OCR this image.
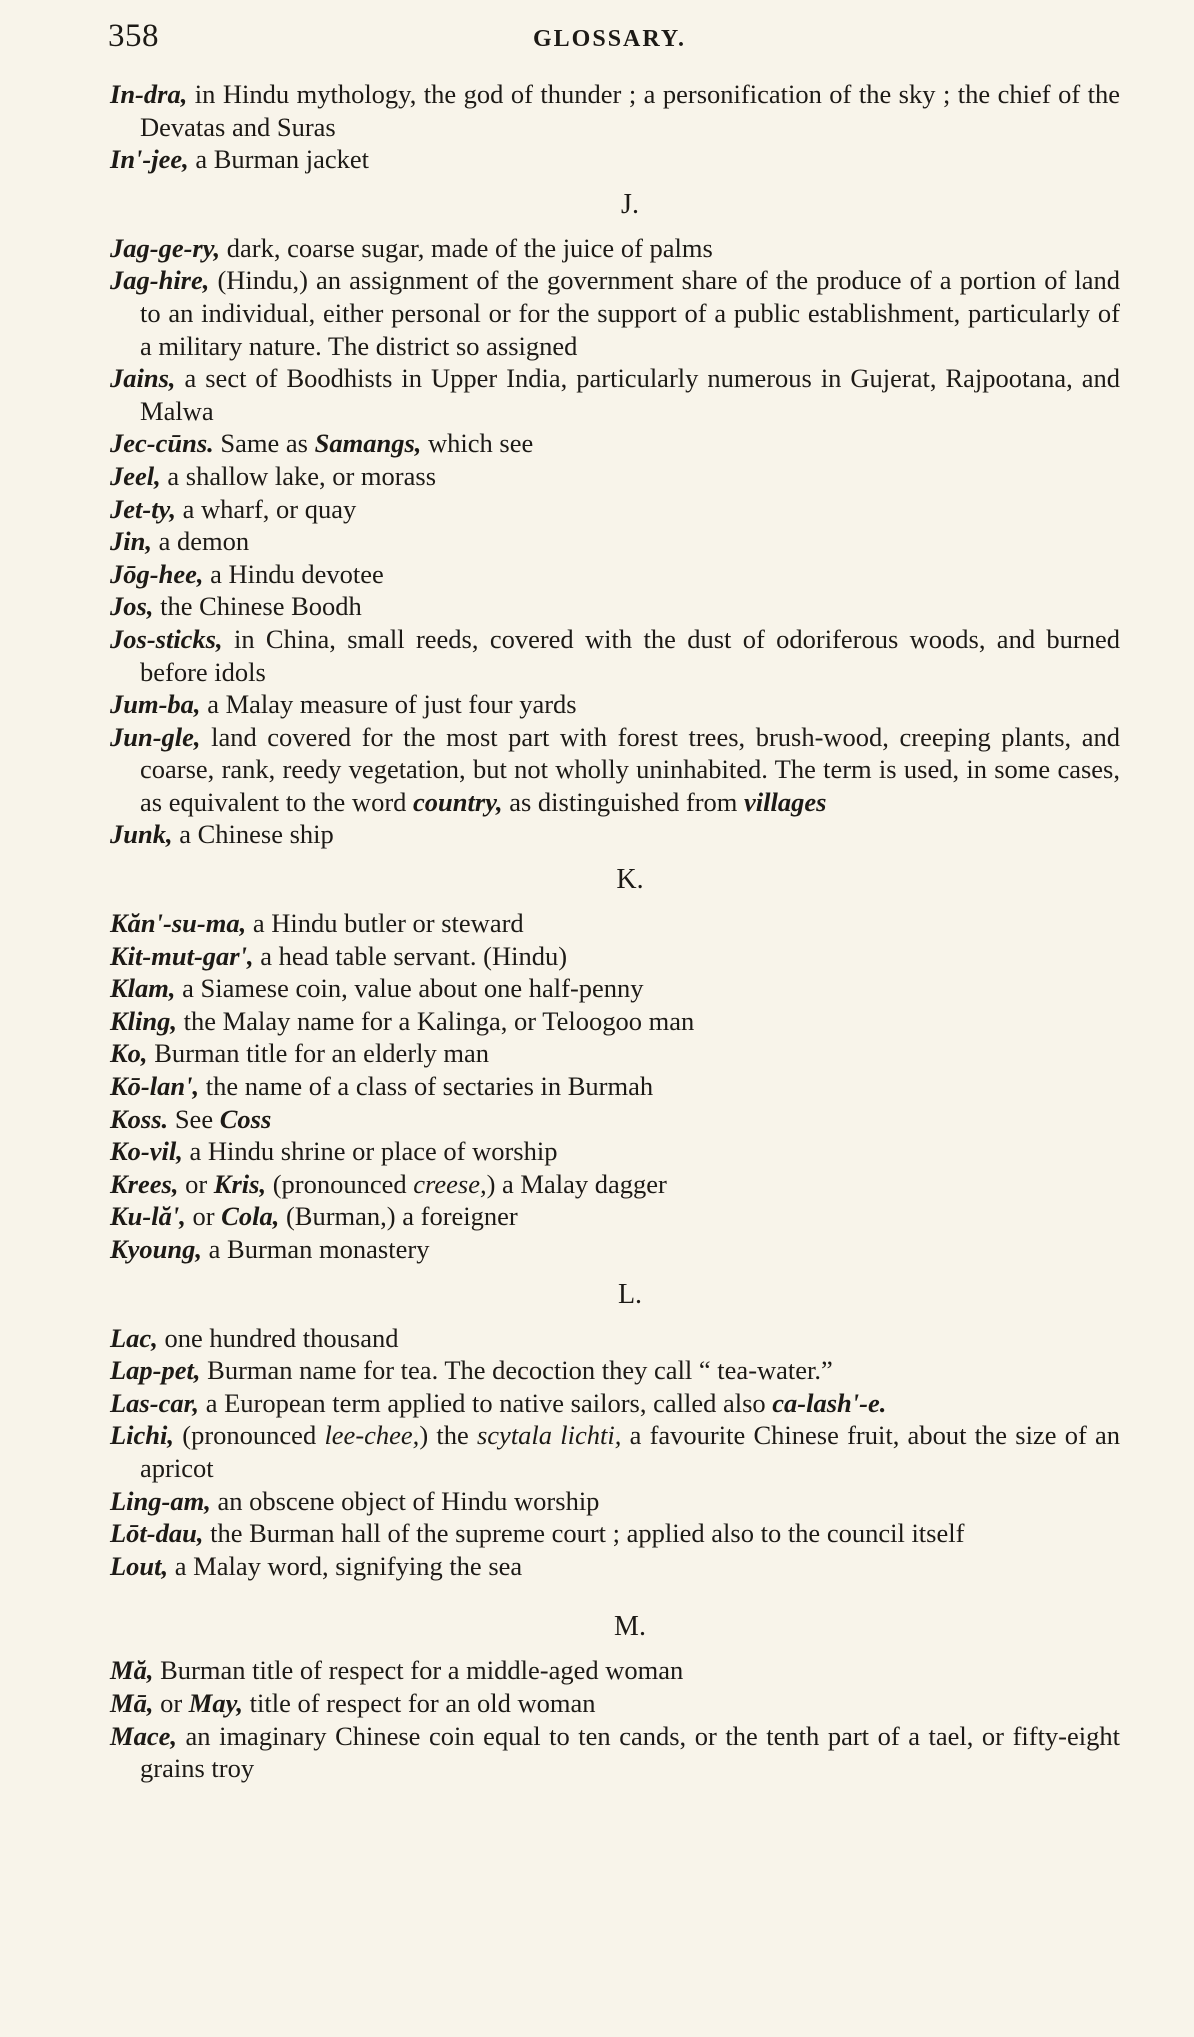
358	GLOSSARY.

In-dra, in Hindu mythology, the god of thunder ; a personification of the sky ; the chief of the Devatas and Suras

In'-jee, a Burman jacket

J.

Jag-ge-ry, dark, coarse sugar, made of the juice of palms

Jag-hire, (Hindu,) an assignment of the government share of the produce of a portion of land to an individual, either personal or for the support of a public establishment, particularly of a military nature. The district so assigned

Jains, a sect of Boodhists in Upper India, particularly numerous in Gujerat, Rajpootana, and Malwa

Jec-cūns. Same as Samangs, which see

Jeel, a shallow lake, or morass

Jet-ty, a wharf, or quay

Jin, a demon

Jōg-hee, a Hindu devotee

Jos, the Chinese Boodh

Jos-sticks, in China, small reeds, covered with the dust of odoriferous woods, and burned before idols

Jum-ba, a Malay measure of just four yards

Jun-gle, land covered for the most part with forest trees, brush-wood, creeping plants, and coarse, rank, reedy vegetation, but not wholly uninhabited. The term is used, in some cases, as equivalent to the word country, as distinguished from villages

Junk, a Chinese ship

K.

Kăn'-su-ma, a Hindu butler or steward

Kit-mut-gar', a head table servant. (Hindu)

Klam, a Siamese coin, value about one half-penny

Kling, the Malay name for a Kalinga, or Teloogoo man

Ko, Burman title for an elderly man

Kō-lan', the name of a class of sectaries in Burmah

Koss. See Coss

Ko-vil, a Hindu shrine or place of worship

Krees, or Kris, (pronounced creese,) a Malay dagger

Ku-lă', or Cola, (Burman,) a foreigner

Kyoung, a Burman monastery

L.

Lac, one hundred thousand

Lap-pet, Burman name for tea. The decoction they call “ tea-water.”

Las-car, a European term applied to native sailors, called also ca-lash'-e.

Lichi, (pronounced lee-chee,) the scytala lichti, a favourite Chinese fruit, about the size of an apricot

Ling-am, an obscene object of Hindu worship

Lōt-dau, the Burman hall of the supreme court ; applied also to the council itself

Lout, a Malay word, signifying the sea

M.

Mă, Burman title of respect for a middle-aged woman

Mā, or May, title of respect for an old woman

Mace, an imaginary Chinese coin equal to ten cands, or the tenth part of a tael, or fifty-eight grains troy
